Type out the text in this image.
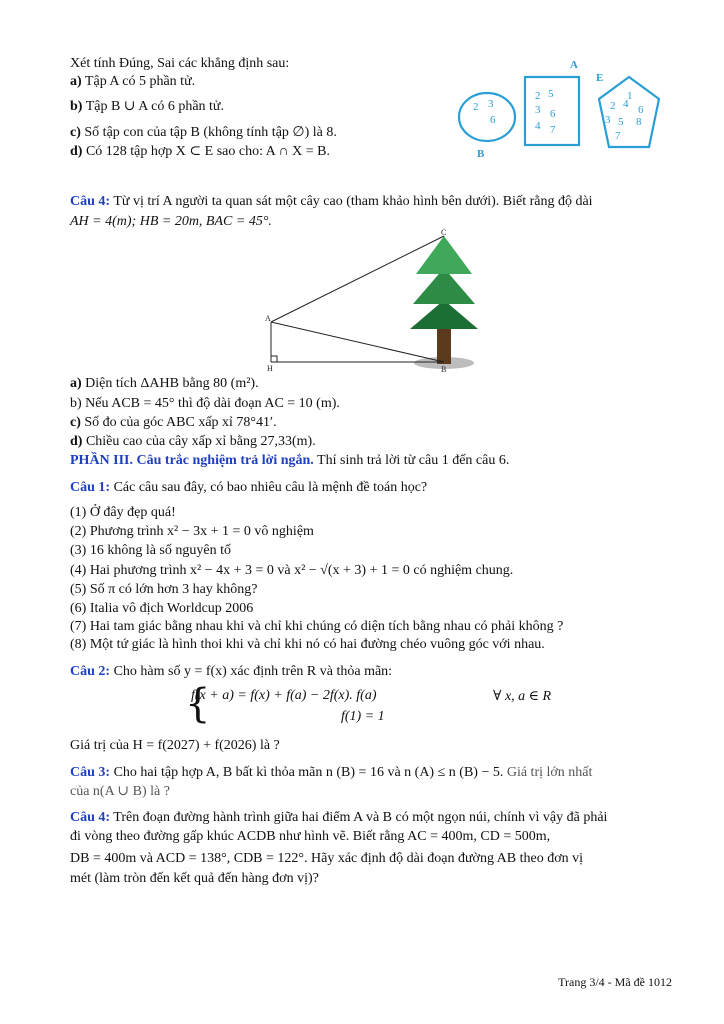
Xét tính Đúng, Sai các khẳng định sau:
a) Tập A có 5 phần tử.
b) Tập B ∪ A có 6 phần tử.
c) Số tập con của tập B (không tính tập ∅) là 8.
d) Có 128 tập hợp X ⊂ E sao cho: A ∩ X = B.
2 3
6
2 5
3 6
4 7
2 4
1
6
3 5 8
7
A
B
E
Câu 4: Từ vị trí A người ta quan sát một cây cao (tham khảo hình bên dưới). Biết rằng độ dài
AH = 4(m); HB = 20m, BAC = 45°.
A
B
C
H
a) Diện tích ΔAHB bằng 80 (m²).
b) Nếu ACB = 45° thì độ dài đoạn AC = 10 (m).
c) Số đo của góc ABC xấp xỉ 78°41′.
d) Chiều cao của cây xấp xỉ bằng 27,33(m).
PHẦN III. Câu trắc nghiệm trả lời ngắn. Thí sinh trả lời từ câu 1 đến câu 6.
Câu 1: Các câu sau đây, có bao nhiêu câu là mệnh đề toán học?
(1) Ở đây đẹp quá!
(2) Phương trình x² − 3x + 1 = 0 vô nghiệm
(3) 16 không là số nguyên tố
(4) Hai phương trình x² − 4x + 3 = 0 và x² − √(x + 3) + 1 = 0 có nghiệm chung.
(5) Số π có lớn hơn 3 hay không?
(6) Italia vô địch Worldcup 2006
(7) Hai tam giác bằng nhau khi và chỉ khi chúng có diện tích bằng nhau có phải không ?
(8) Một tứ giác là hình thoi khi và chỉ khi nó có hai đường chéo vuông góc với nhau.
Câu 2: Cho hàm số y = f(x) xác định trên R và thỏa mãn:
{
f(x + a) = f(x) + f(a) − 2f(x). f(a)	∀ x, a ∈ R
f(1) = 1
Giá trị của H = f(2027) + f(2026) là ?
Câu 3: Cho hai tập hợp A, B bất kì thỏa mãn n (B) = 16 và n (A) ≤ n (B) − 5. Giá trị lớn nhất
của n(A ∪ B) là ?
Câu 4: Trên đoạn đường hành trình giữa hai điểm A và B có một ngọn núi, chính vì vậy đã phải
đi vòng theo đường gấp khúc ACDB như hình vẽ. Biết rằng AC = 400m, CD = 500m,
DB = 400m và ACD = 138°, CDB = 122°. Hãy xác định độ dài đoạn đường AB theo đơn vị
mét (làm tròn đến kết quả đến hàng đơn vị)?
Trang 3/4 - Mã đề 1012
